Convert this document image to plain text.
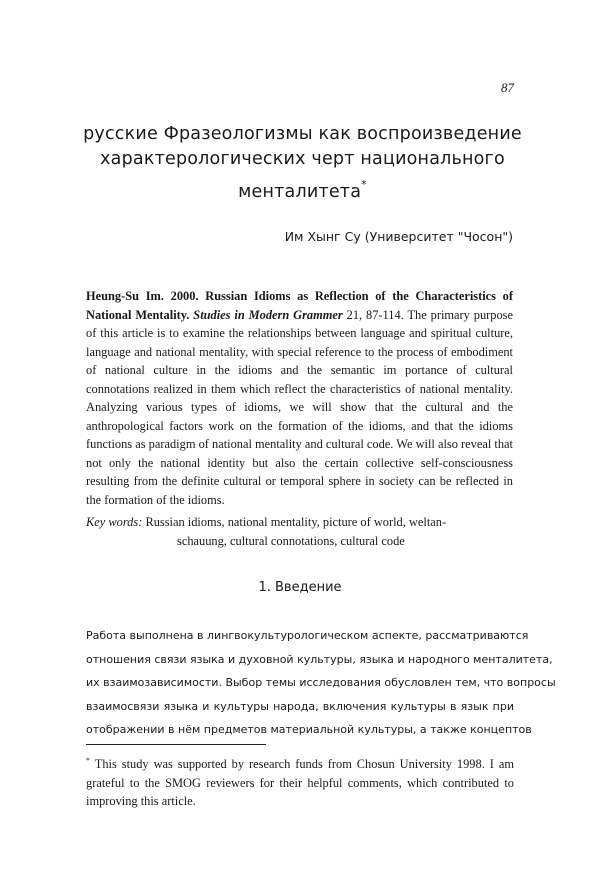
87
русские Фразеологизмы как воспроизведение
характерологических черт национального
менталитета*
Им Хынг Су (Университет "Чосон")
Heung-Su Im. 2000. Russian Idioms as Reflection of the Characteristics of National Mentality. Studies in Modern Grammer 21, 87-114. The primary purpose of this article is to examine the relationships between language and spiritual culture, language and national mentality, with special reference to the process of embodiment of national culture in the idioms and the semantic im portance of cultural connotations realized in them which reflect the characteristics of national mentality. Analyzing various types of idioms, we will show that the cultural and the anthropological factors work on the formation of the idioms, and that the idioms functions as paradigm of national mentality and cultural code. We will also reveal that not only the national identity but also the certain collective self-consciousness resulting from the definite cultural or temporal sphere in society can be reflected in the formation of the idioms.
Key words: Russian idioms, national mentality, picture of world, weltan-
schauung, cultural connotations, cultural code
1. Введение
Работа выполнена в лингвокультурологическом аспекте, рассматриваются
отношения связи языка и духовной культуры, языка и народного менталитета,
их взаимозависимости. Выбор темы исследования обусловлен тем, что вопросы
взаимосвязи языка и культуры народа, включения культуры в язык при
отображении в нём предметов материальной культуры, а также концептов
* This study was supported by research funds from Chosun University 1998. I am grateful to the SMOG reviewers for their helpful comments, which contributed to improving this article.
